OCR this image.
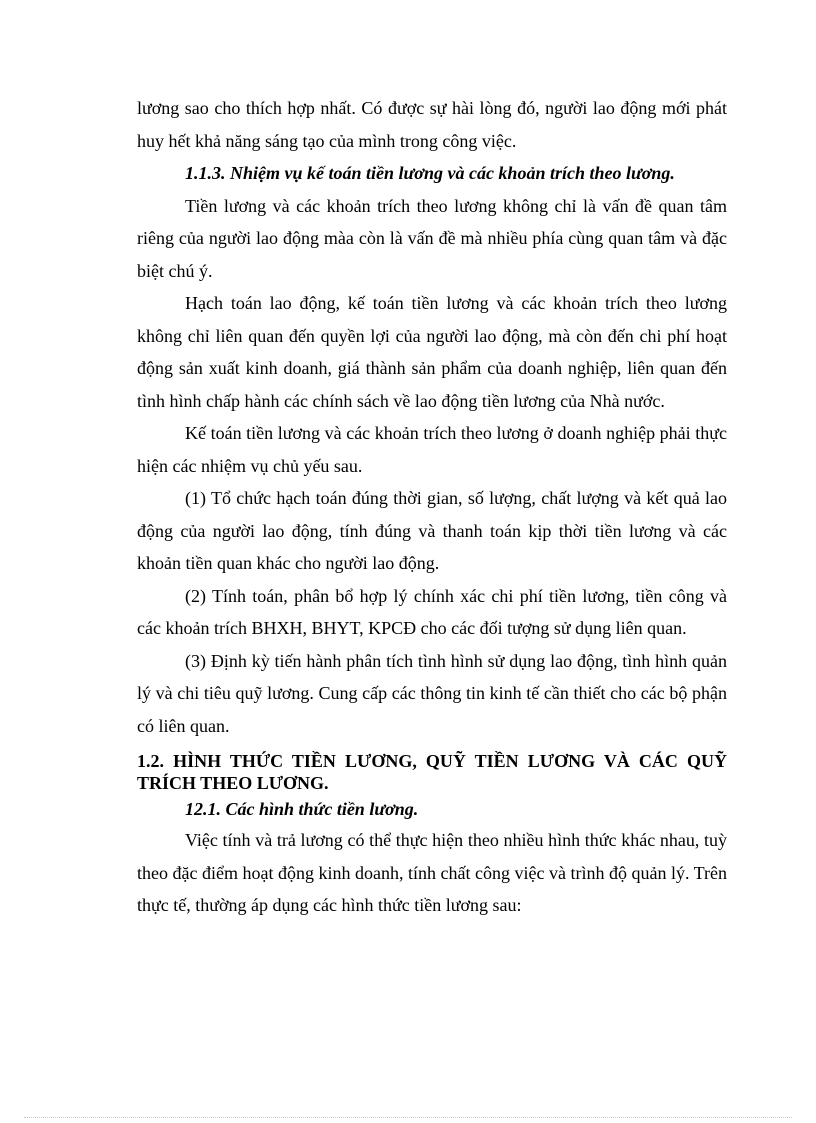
lương sao cho thích hợp nhất. Có được sự hài lòng đó, người lao động mới phát huy hết khả năng sáng tạo của mình trong công việc.

1.1.3. Nhiệm vụ kế toán tiền lương và các khoản trích theo lương.

Tiền lương và các khoản trích theo lương không chỉ là vấn đề quan tâm riêng của người lao động màa còn là vấn đề mà nhiều phía cùng quan tâm và đặc biệt chú ý.

Hạch toán lao động, kế toán tiền lương và các khoản trích theo lương không chỉ liên quan đến quyền lợi của người lao động, mà còn đến chi phí hoạt động sản xuất kinh doanh, giá thành sản phẩm của doanh nghiệp, liên quan đến tình hình chấp hành các chính sách về lao động tiền lương của Nhà nước.

Kế toán tiền lương và các khoản trích theo lương ở doanh nghiệp phải thực hiện các nhiệm vụ chủ yếu sau.

(1) Tổ chức hạch toán đúng thời gian, số lượng, chất lượng và kết quả lao động của người lao động, tính đúng và thanh toán kịp thời tiền lương và các khoản tiền quan khác cho người lao động.

(2) Tính toán, phân bổ hợp lý chính xác chi phí tiền lương, tiền công và các khoản trích BHXH, BHYT, KPCĐ cho các đối tượng sử dụng liên quan.

(3) Định kỳ tiến hành phân tích tình hình sử dụng lao động, tình hình quản lý và chi tiêu quỹ lương. Cung cấp các thông tin kinh tế cần thiết cho các bộ phận có liên quan.

1.2. HÌNH THỨC TIỀN LƯƠNG, QUỸ TIỀN LƯƠNG VÀ CÁC QUỸ TRÍCH THEO LƯƠNG.

12.1. Các hình thức tiền lương.

Việc tính và trả lương có thể thực hiện theo nhiều hình thức khác nhau, tuỳ theo đặc điểm hoạt động kinh doanh, tính chất công việc và trình độ quản lý. Trên thực tế, thường áp dụng các hình thức tiền lương sau:
